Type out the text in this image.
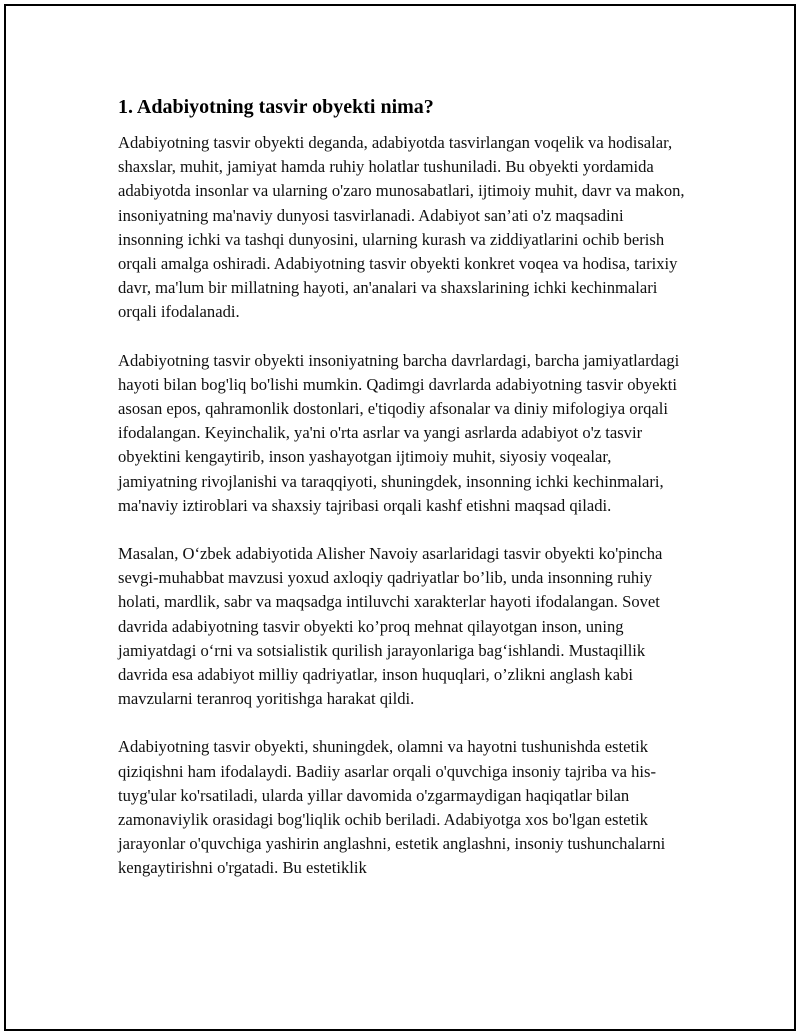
1. Adabiyotning tasvir obyekti nima?

Adabiyotning tasvir obyekti deganda, adabiyotda tasvirlangan voqelik va hodisalar, shaxslar, muhit, jamiyat hamda ruhiy holatlar tushuniladi. Bu obyekti yordamida adabiyotda insonlar va ularning o'zaro munosabatlari, ijtimoiy muhit, davr va makon, insoniyatning ma'naviy dunyosi tasvirlanadi. Adabiyot san’ati o'z maqsadini insonning ichki va tashqi dunyosini, ularning kurash va ziddiyatlarini ochib berish orqali amalga oshiradi. Adabiyotning tasvir obyekti konkret voqea va hodisa, tarixiy davr, ma'lum bir millatning hayoti, an'analari va shaxslarining ichki kechinmalari orqali ifodalanadi.

Adabiyotning tasvir obyekti insoniyatning barcha davrlardagi, barcha jamiyatlardagi hayoti bilan bog'liq bo'lishi mumkin. Qadimgi davrlarda adabiyotning tasvir obyekti asosan epos, qahramonlik dostonlari, e'tiqodiy afsonalar va diniy mifologiya orqali ifodalangan. Keyinchalik, ya'ni o'rta asrlar va yangi asrlarda adabiyot o'z tasvir obyektini kengaytirib, inson yashayotgan ijtimoiy muhit, siyosiy voqealar, jamiyatning rivojlanishi va taraqqiyoti, shuningdek, insonning ichki kechinmalari, ma'naviy iztiroblari va shaxsiy tajribasi orqali kashf etishni maqsad qiladi.

Masalan, O‘zbek adabiyotida Alisher Navoiy asarlaridagi tasvir obyekti ko'pincha sevgi-muhabbat mavzusi yoxud axloqiy qadriyatlar bo’lib, unda insonning ruhiy holati, mardlik, sabr va maqsadga intiluvchi xarakterlar hayoti ifodalangan. Sovet davrida adabiyotning tasvir obyekti ko’proq mehnat qilayotgan inson, uning jamiyatdagi o‘rni va sotsialistik qurilish jarayonlariga bag‘ishlandi. Mustaqillik davrida esa adabiyot milliy qadriyatlar, inson huquqlari, o’zlikni anglash kabi mavzularni teranroq yoritishga harakat qildi.

Adabiyotning tasvir obyekti, shuningdek, olamni va hayotni tushunishda estetik qiziqishni ham ifodalaydi. Badiiy asarlar orqali o'quvchiga insoniy tajriba va his-tuyg'ular ko'rsatiladi, ularda yillar davomida o'zgarmaydigan haqiqatlar bilan zamonaviylik orasidagi bog'liqlik ochib beriladi. Adabiyotga xos bo'lgan estetik jarayonlar o'quvchiga yashirin anglashni, estetik anglashni, insoniy tushunchalarni kengaytirishni o'rgatadi. Bu estetiklik
